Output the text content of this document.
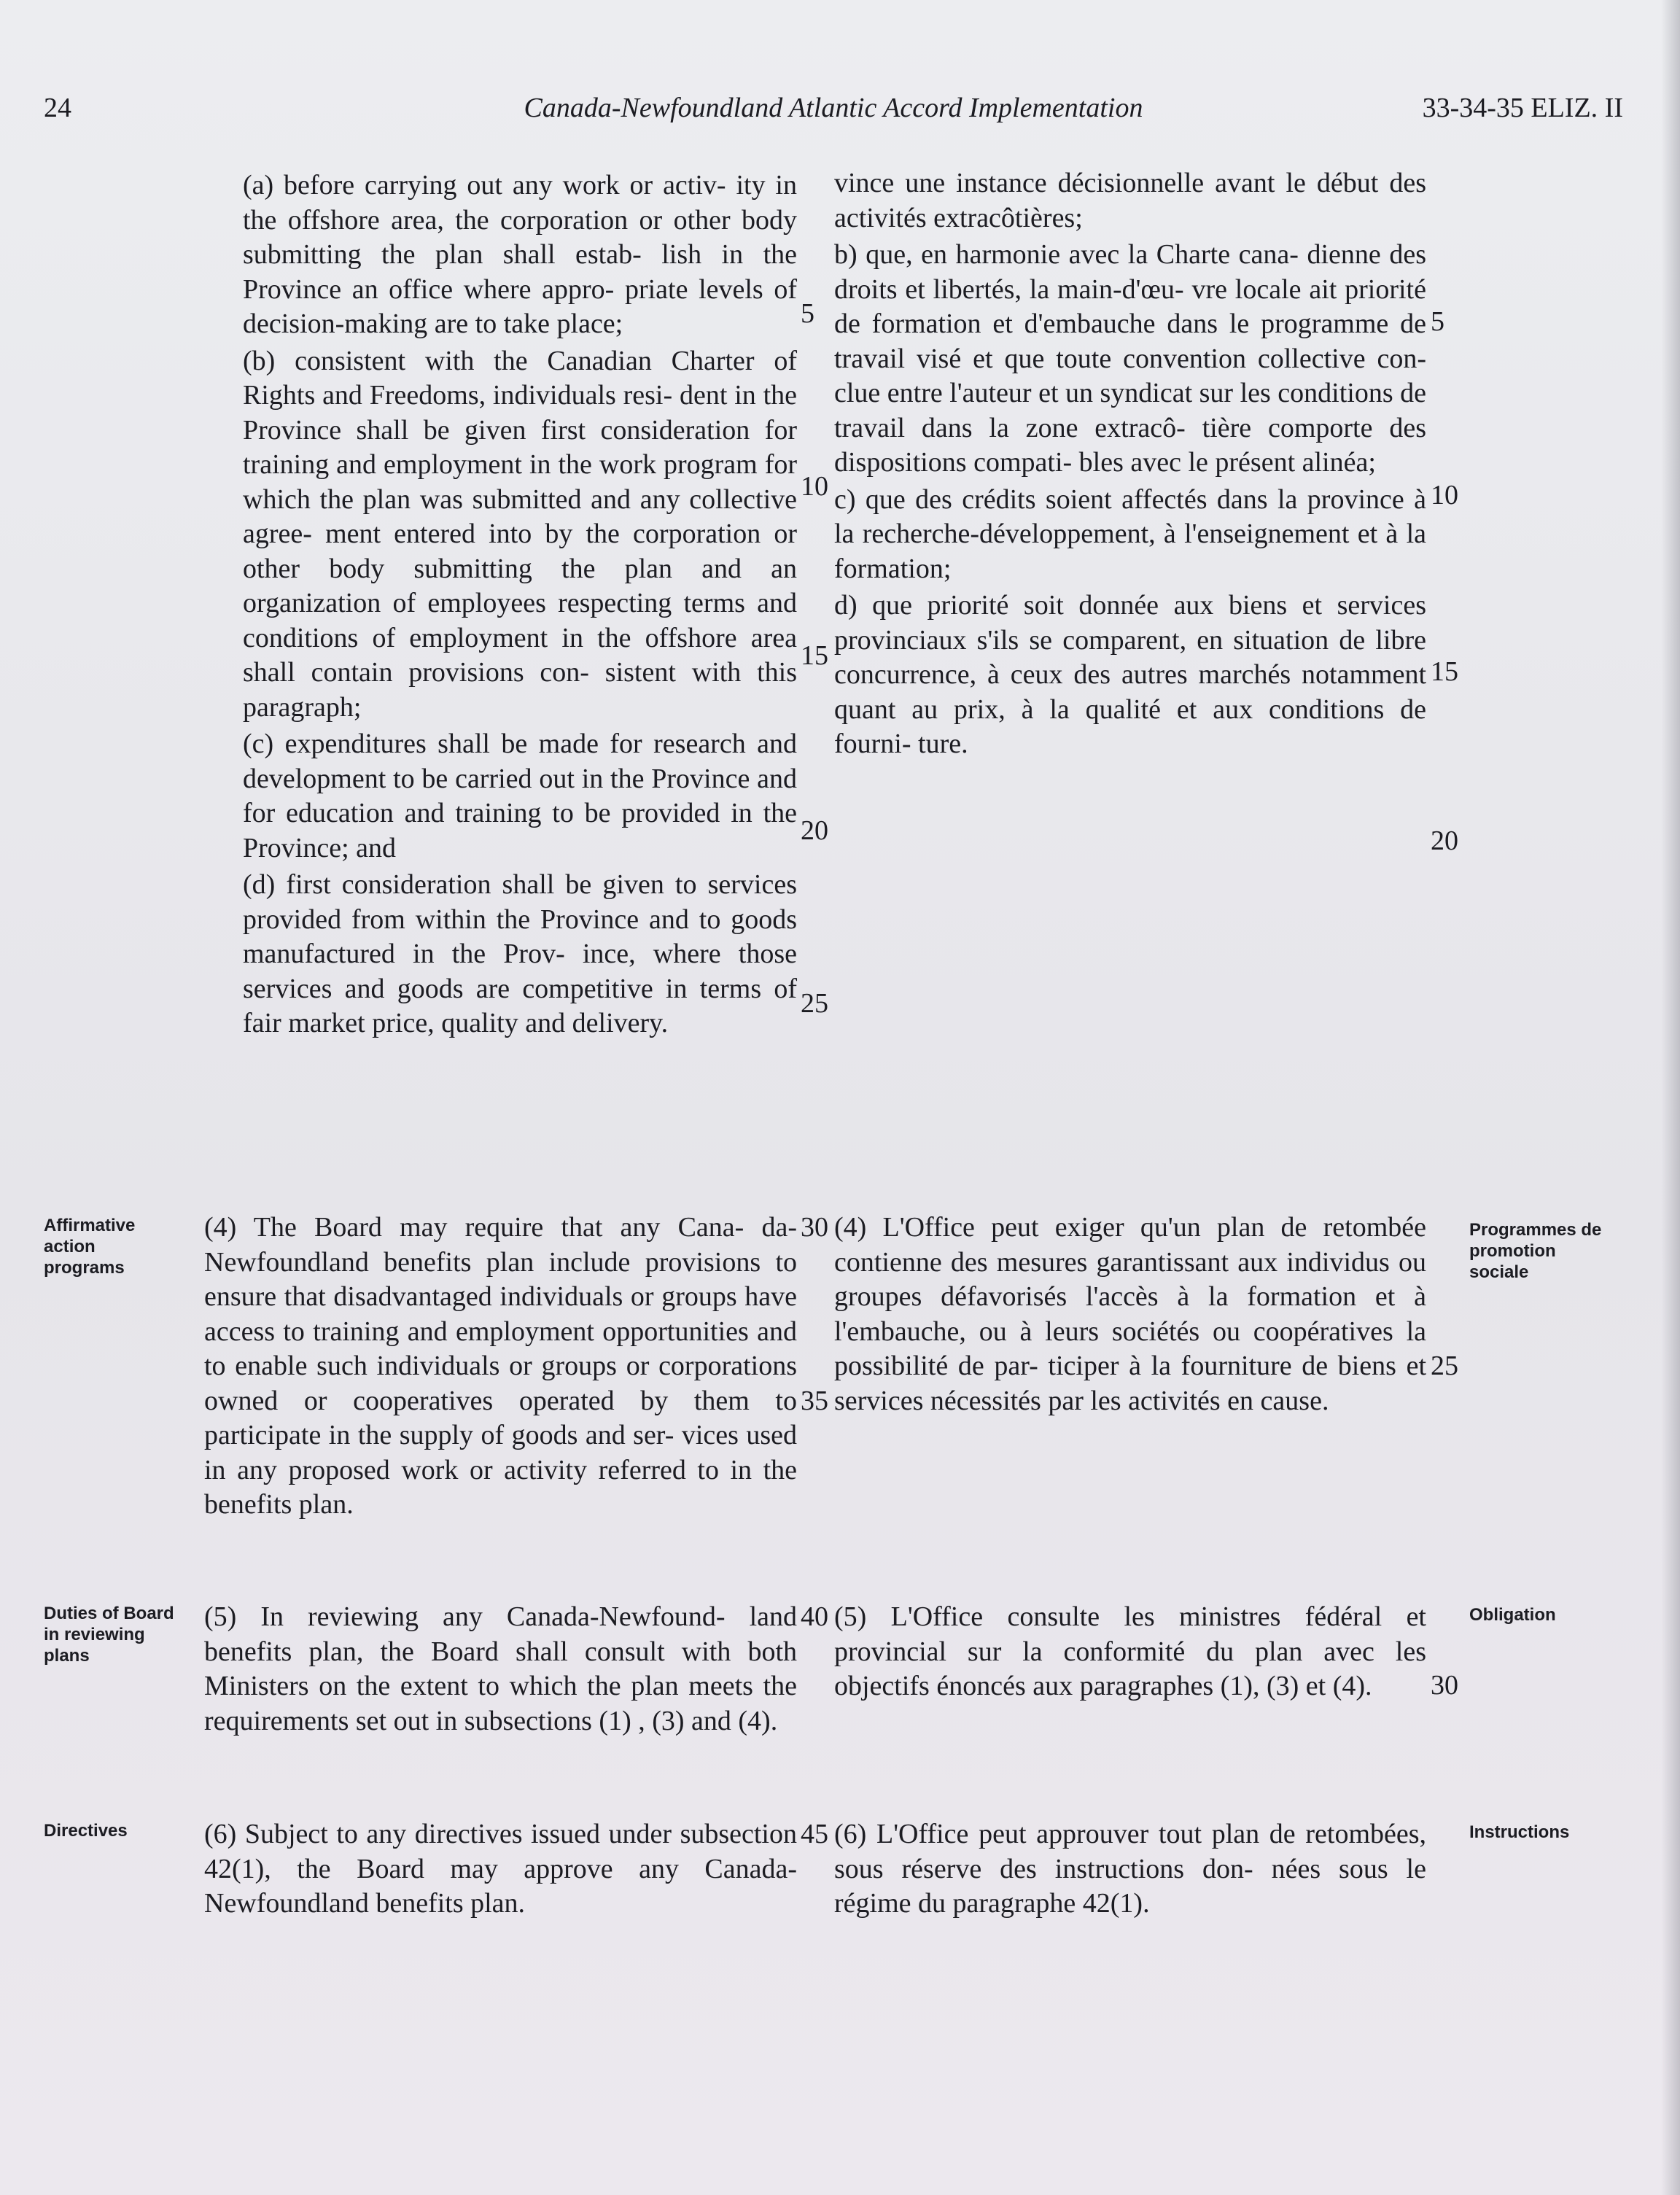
24	Canada-Newfoundland Atlantic Accord Implementation	33-34-35 ELIZ. II

(a) before carrying out any work or activ- ity in the offshore area, the corporation or other body submitting the plan shall estab- lish in the Province an office where appro- priate levels of decision-making are to take place;

(b) consistent with the Canadian Charter of Rights and Freedoms, individuals resi- dent in the Province shall be given first consideration for training and employment in the work program for which the plan was submitted and any collective agree- ment entered into by the corporation or other body submitting the plan and an organization of employees respecting terms and conditions of employment in the offshore area shall contain provisions con- sistent with this paragraph;

(c) expenditures shall be made for research and development to be carried out in the Province and for education and training to be provided in the Province; and

(d) first consideration shall be given to services provided from within the Province and to goods manufactured in the Prov- ince, where those services and goods are competitive in terms of fair market price, quality and delivery.

(4) The Board may require that any Cana- da-Newfoundland benefits plan include provisions to ensure that disadvantaged individuals or groups have access to training and employment opportunities and to enable such individuals or groups or corporations owned or cooperatives operated by them to participate in the supply of goods and ser- vices used in any proposed work or activity referred to in the benefits plan.

(5) In reviewing any Canada-Newfound- land benefits plan, the Board shall consult with both Ministers on the extent to which the plan meets the requirements set out in subsections (1) , (3) and (4).

(6) Subject to any directives issued under subsection 42(1), the Board may approve any Canada-Newfoundland benefits plan.

vince une instance décisionnelle avant le début des activités extracôtières;

b) que, en harmonie avec la Charte cana- dienne des droits et libertés, la main-d'œu- vre locale ait priorité de formation et d'embauche dans le programme de travail visé et que toute convention collective con- clue entre l'auteur et un syndicat sur les conditions de travail dans la zone extracô- tière comporte des dispositions compati- bles avec le présent alinéa;

c) que des crédits soient affectés dans la province à la recherche-développement, à l'enseignement et à la formation;

d) que priorité soit donnée aux biens et services provinciaux s'ils se comparent, en situation de libre concurrence, à ceux des autres marchés notamment quant au prix, à la qualité et aux conditions de fourni- ture.

(4) L'Office peut exiger qu'un plan de retombée contienne des mesures garantissant aux individus ou groupes défavorisés l'accès à la formation et à l'embauche, ou à leurs sociétés ou coopératives la possibilité de par- ticiper à la fourniture de biens et services nécessités par les activités en cause.

(5) L'Office consulte les ministres fédéral et provincial sur la conformité du plan avec les objectifs énoncés aux paragraphes (1), (3) et (4).

(6) L'Office peut approuver tout plan de retombées, sous réserve des instructions don- nées sous le régime du paragraphe 42(1).

5
10
15
20
25
30
35
40
45
5
10
15
20
25
30
Affirmative
action
programs
Duties of Board
in reviewing
plans
Directives
Programmes de
promotion
sociale
Obligation
Instructions
